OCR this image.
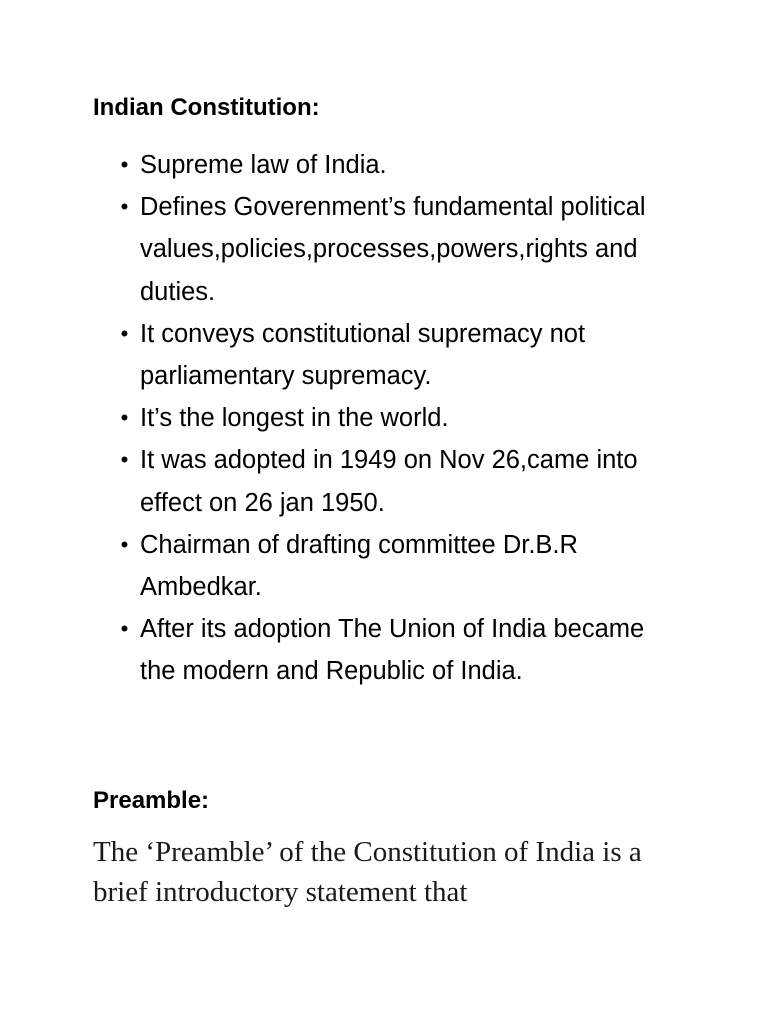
Indian Constitution:
• Supreme law of India.
• Defines Goverenment’s fundamental political values,policies,processes,powers,rights and duties.
• It conveys constitutional supremacy not parliamentary supremacy.
• It’s the longest in the world.
• It was adopted in 1949 on Nov 26,came into effect on 26 jan 1950.
• Chairman of drafting committee Dr.B.R Ambedkar.
• After its adoption The Union of India became the modern and Republic of India.
Preamble:

The ‘Preamble’ of the Constitution of India is a brief introductory statement that
